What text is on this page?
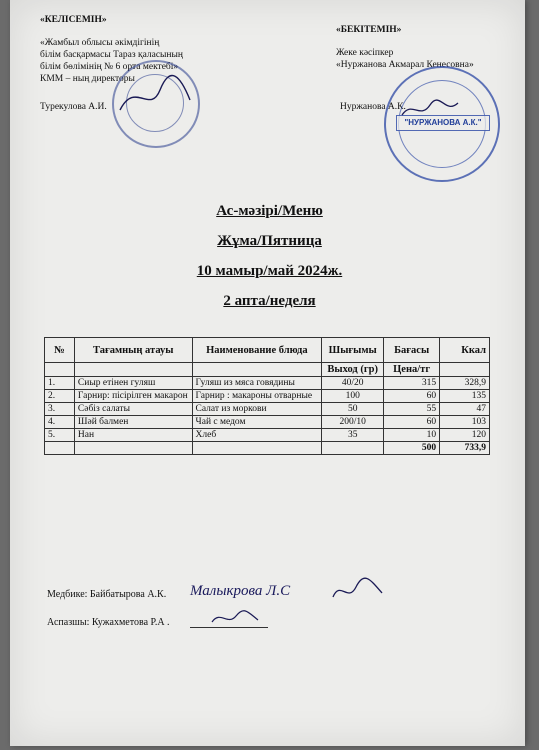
«КЕЛІСЕМІН»
«Жамбыл облысы әкімдігінің
білім басқармасы Тараз қаласының
білім бөлімінің № 6 орта мектебі»
КММ – ның директоры
Турекулова А.И.
«БЕКІТЕМІН»
Жеке кәсіпкер
«Нуржанова Акмарал Кенесовна»
Нуржанова А.К.
"НУРЖАНОВА А.К."
Ас-мәзірі/Меню
Жұма/Пятница
10 мамыр/май 2024ж.
2 апта/неделя
№	Тағамның атауы	Наименование блюда	Шығымы	Бағасы	Ккал
			Выход (гр)	Цена/тг	
1.	Сиыр етінен гуляш	Гуляш из мяса говядины	40/20	315	328,9
2.	Гарнир: пісірілген макарон	Гарнир : макароны отварные	100	60	135
3.	Сәбіз салаты	Салат из моркови	50	55	47
4.	Шәй балмен	Чай с медом	200/10	60	103
5.	Нан	Хлеб	35	10	120
				500	733,9
Медбике: Байбатырова А.К. Малыкрова Л.С
Аспазшы: Кужахметова Р.А .
